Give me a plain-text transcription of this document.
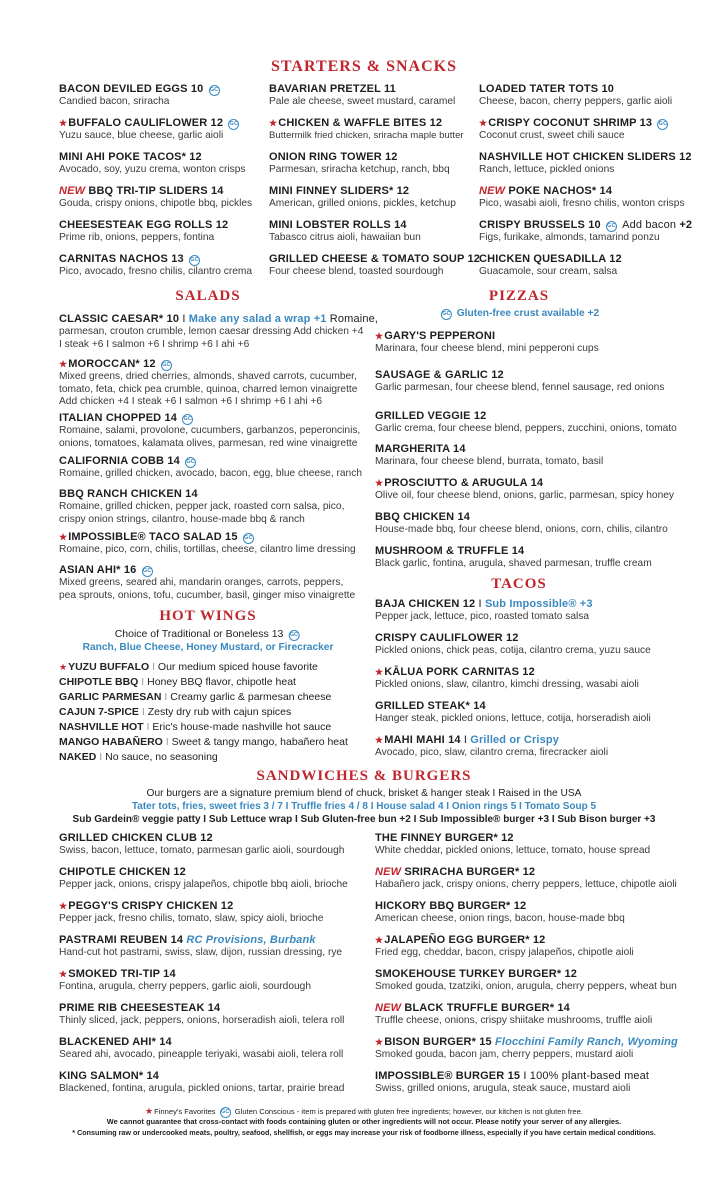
STARTERS & SNACKS
BACON DEVILED EGGS 10 GC
Candied bacon, sriracha
BAVARIAN PRETZEL 11
Pale ale cheese, sweet mustard, caramel
LOADED TATER TOTS 10
Cheese, bacon, cherry peppers, garlic aioli
★BUFFALO CAULIFLOWER 12 GC
Yuzu sauce, blue cheese, garlic aioli
★CHICKEN & WAFFLE BITES 12
Buttermilk fried chicken, sriracha maple butter
★CRISPY COCONUT SHRIMP 13 GC
Coconut crust, sweet chili sauce
MINI AHI POKE TACOS* 12
Avocado, soy, yuzu crema, wonton crisps
ONION RING TOWER 12
Parmesan, sriracha ketchup, ranch, bbq
NASHVILLE HOT CHICKEN SLIDERS 12
Ranch, lettuce, pickled onions
NEW BBQ TRI-TIP SLIDERS 14
Gouda, crispy onions, chipotle bbq, pickles
MINI FINNEY SLIDERS* 12
American, grilled onions, pickles, ketchup
NEW POKE NACHOS* 14
Pico, wasabi aioli, fresno chilis, wonton crisps
CHEESESTEAK EGG ROLLS 12
Prime rib, onions, peppers, fontina
MINI LOBSTER ROLLS 14
Tabasco citrus aioli, hawaiian bun
CRISPY BRUSSELS 10 GC Add bacon +2
Figs, furikake, almonds, tamarind ponzu
CARNITAS NACHOS 13 GC
Pico, avocado, fresno chilis, cilantro crema
GRILLED CHEESE & TOMATO SOUP 12
Four cheese blend, toasted sourdough
CHICKEN QUESADILLA 12
Guacamole, sour cream, salsa
SALADS
CLASSIC CAESAR* 10 I Make any salad a wrap +1 Romaine,
parmesan, crouton crumble, lemon caesar dressing Add chicken +4
I steak +6 I salmon +6 I shrimp +6 I ahi +6
★MOROCCAN* 12 GC
Mixed greens, dried cherries, almonds, shaved carrots, cucumber,
tomato, feta, chick pea crumble, quinoa, charred lemon vinaigrette
Add chicken +4 I steak +6 I salmon +6 I shrimp +6 I ahi +6
ITALIAN CHOPPED 14 GC
Romaine, salami, provolone, cucumbers, garbanzos, peperoncinis,
onions, tomatoes, kalamata olives, parmesan, red wine vinaigrette
CALIFORNIA COBB 14 GC
Romaine, grilled chicken, avocado, bacon, egg, blue cheese, ranch
BBQ RANCH CHICKEN 14
Romaine, grilled chicken, pepper jack, roasted corn salsa, pico,
crispy onion strings, cilantro, house-made bbq & ranch
★IMPOSSIBLE® TACO SALAD 15 GC
Romaine, pico, corn, chilis, tortillas, cheese, cilantro lime dressing
ASIAN AHI* 16 GC
Mixed greens, seared ahi, mandarin oranges, carrots, peppers,
pea sprouts, onions, tofu, cucumber, basil, ginger miso vinaigrette
HOT WINGS
Choice of Traditional or Boneless 13 GC
Ranch, Blue Cheese, Honey Mustard, or Firecracker
★YUZU BUFFALO I Our medium spiced house favorite
CHIPOTLE BBQ I Honey BBQ flavor, chipotle heat
GARLIC PARMESAN I Creamy garlic & parmesan cheese
CAJUN 7-SPICE I Zesty dry rub with cajun spices
NASHVILLE HOT I Eric's house-made nashville hot sauce
MANGO HABAÑERO I Sweet & tangy mango, habañero heat
NAKED I No sauce, no seasoning
PIZZAS
GC Gluten-free crust available +2
★GARY'S PEPPERONI
Marinara, four cheese blend, mini pepperoni cups
SAUSAGE & GARLIC 12
Garlic parmesan, four cheese blend, fennel sausage, red onions
GRILLED VEGGIE 12
Garlic crema, four cheese blend, peppers, zucchini, onions, tomato
MARGHERITA 14
Marinara, four cheese blend, burrata, tomato, basil
★PROSCIUTTO & ARUGULA 14
Olive oil, four cheese blend, onions, garlic, parmesan, spicy honey
BBQ CHICKEN 14
House-made bbq, four cheese blend, onions, corn, chilis, cilantro
MUSHROOM & TRUFFLE 14
Black garlic, fontina, arugula, shaved parmesan, truffle cream
TACOS
BAJA CHICKEN 12 I Sub Impossible® +3
Pepper jack, lettuce, pico, roasted tomato salsa
CRISPY CAULIFLOWER 12
Pickled onions, chick peas, cotija, cilantro crema, yuzu sauce
★KĀLUA PORK CARNITAS 12
Pickled onions, slaw, cilantro, kimchi dressing, wasabi aioli
GRILLED STEAK* 14
Hanger steak, pickled onions, lettuce, cotija, horseradish aioli
★MAHI MAHI 14 I Grilled or Crispy
Avocado, pico, slaw, cilantro crema, firecracker aioli
SANDWICHES & BURGERS
Our burgers are a signature premium blend of chuck, brisket & hanger steak I Raised in the USA
Tater tots, fries, sweet fries 3 / 7 I Truffle fries 4 / 8 I House salad 4 I Onion rings 5 I Tomato Soup 5
Sub Gardein® veggie patty I Sub Lettuce wrap I Sub Gluten-free bun +2 I Sub Impossible® burger +3 I Sub Bison burger +3
GRILLED CHICKEN CLUB 12
Swiss, bacon, lettuce, tomato, parmesan garlic aioli, sourdough
CHIPOTLE CHICKEN 12
Pepper jack, onions, crispy jalapeños, chipotle bbq aioli, brioche
★PEGGY'S CRISPY CHICKEN 12
Pepper jack, fresno chilis, tomato, slaw, spicy aioli, brioche
PASTRAMI REUBEN 14 RC Provisions, Burbank
Hand-cut hot pastrami, swiss, slaw, dijon, russian dressing, rye
★SMOKED TRI-TIP 14
Fontina, arugula, cherry peppers, garlic aioli, sourdough
PRIME RIB CHEESESTEAK 14
Thinly sliced, jack, peppers, onions, horseradish aioli, telera roll
BLACKENED AHI* 14
Seared ahi, avocado, pineapple teriyaki, wasabi aioli, telera roll
KING SALMON* 14
Blackened, fontina, arugula, pickled onions, tartar, prairie bread
THE FINNEY BURGER* 12
White cheddar, pickled onions, lettuce, tomato, house spread
NEW SRIRACHA BURGER* 12
Habañero jack, crispy onions, cherry peppers, lettuce, chipotle aioli
HICKORY BBQ BURGER* 12
American cheese, onion rings, bacon, house-made bbq
★JALAPEÑO EGG BURGER* 12
Fried egg, cheddar, bacon, crispy jalapeños, chipotle aioli
SMOKEHOUSE TURKEY BURGER* 12
Smoked gouda, tzatziki, onion, arugula, cherry peppers, wheat bun
NEW BLACK TRUFFLE BURGER* 14
Truffle cheese, onions, crispy shiitake mushrooms, truffle aioli
★BISON BURGER* 15 Flocchini Family Ranch, Wyoming
Smoked gouda, bacon jam, cherry peppers, mustard aioli
IMPOSSIBLE® BURGER 15 I 100% plant-based meat
Swiss, grilled onions, arugula, steak sauce, mustard aioli
★Finney's Favorites GC Gluten Conscious - item is prepared with gluten free ingredients; however, our kitchen is not gluten free.
We cannot guarantee that cross-contact with foods containing gluten or other ingredients will not occur. Please notify your server of any allergies.
* Consuming raw or undercooked meats, poultry, seafood, shellfish, or eggs may increase your risk of foodborne illness, especially if you have certain medical conditions.
